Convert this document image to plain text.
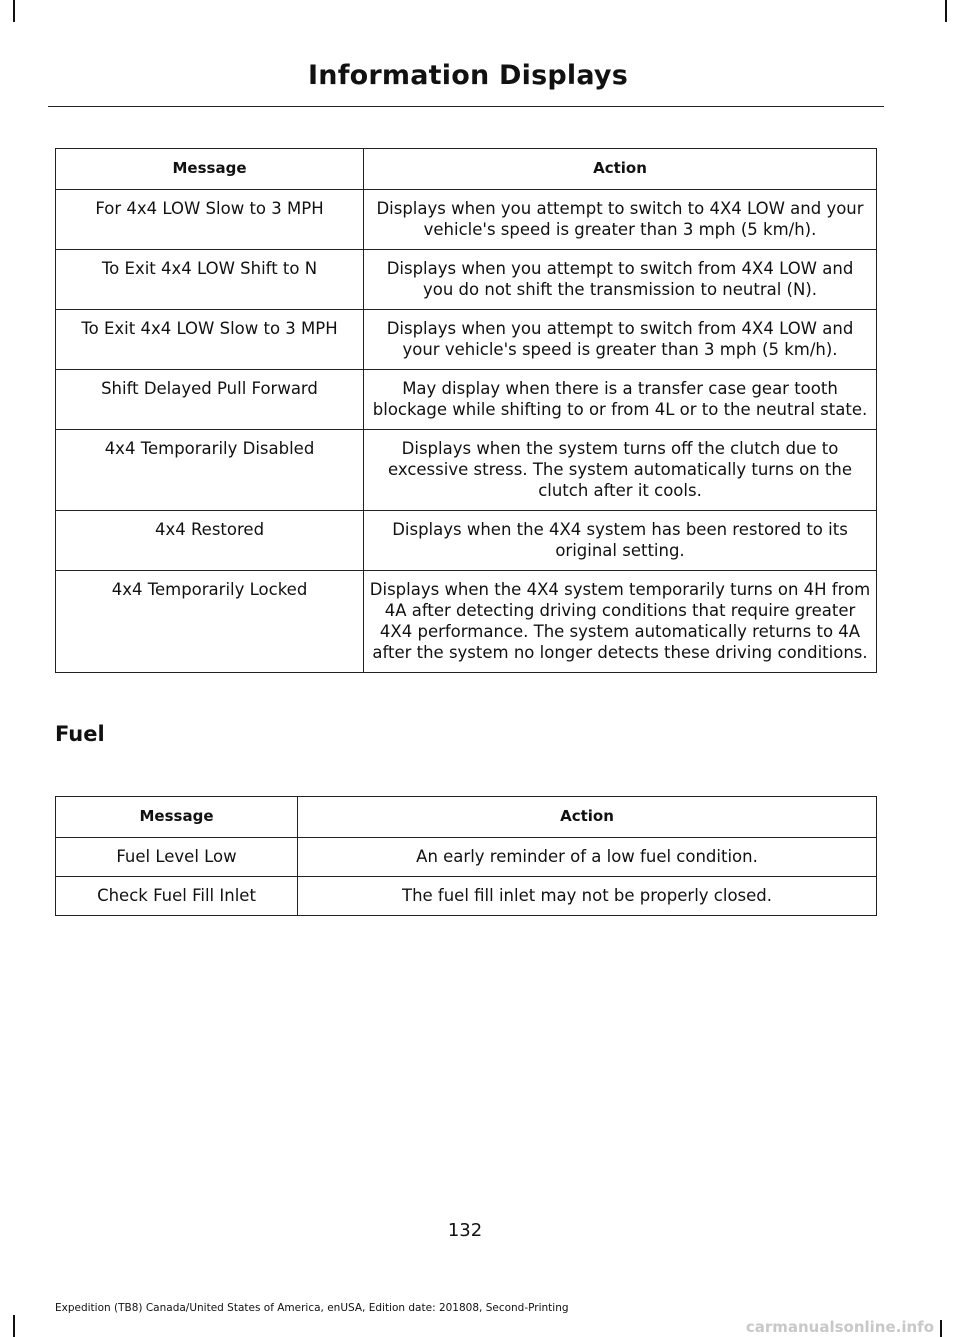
Information Displays
Message	Action
For 4x4 LOW Slow to 3 MPH	Displays when you attempt to switch to 4X4 LOW and your vehicle's speed is greater than 3 mph (5 km/h).
To Exit 4x4 LOW Shift to N	Displays when you attempt to switch from 4X4 LOW and you do not shift the transmission to neutral (N).
To Exit 4x4 LOW Slow to 3 MPH	Displays when you attempt to switch from 4X4 LOW and your vehicle's speed is greater than 3 mph (5 km/h).
Shift Delayed Pull Forward	May display when there is a transfer case gear tooth blockage while shifting to or from 4L or to the neutral state.
4x4 Temporarily Disabled	Displays when the system turns off the clutch due to excessive stress. The system automatically turns on the clutch after it cools.
4x4 Restored	Displays when the 4X4 system has been restored to its original setting.
4x4 Temporarily Locked	Displays when the 4X4 system temporarily turns on 4H from 4A after detecting driving conditions that require greater 4X4 performance. The system automatically returns to 4A after the system no longer detects these driving conditions.
Fuel
Message	Action
Fuel Level Low	An early reminder of a low fuel condition.
Check Fuel Fill Inlet	The fuel fill inlet may not be properly closed.
132
Expedition (TB8) Canada/United States of America, enUSA, Edition date: 201808, Second-Printing
carmanualsonline.info
